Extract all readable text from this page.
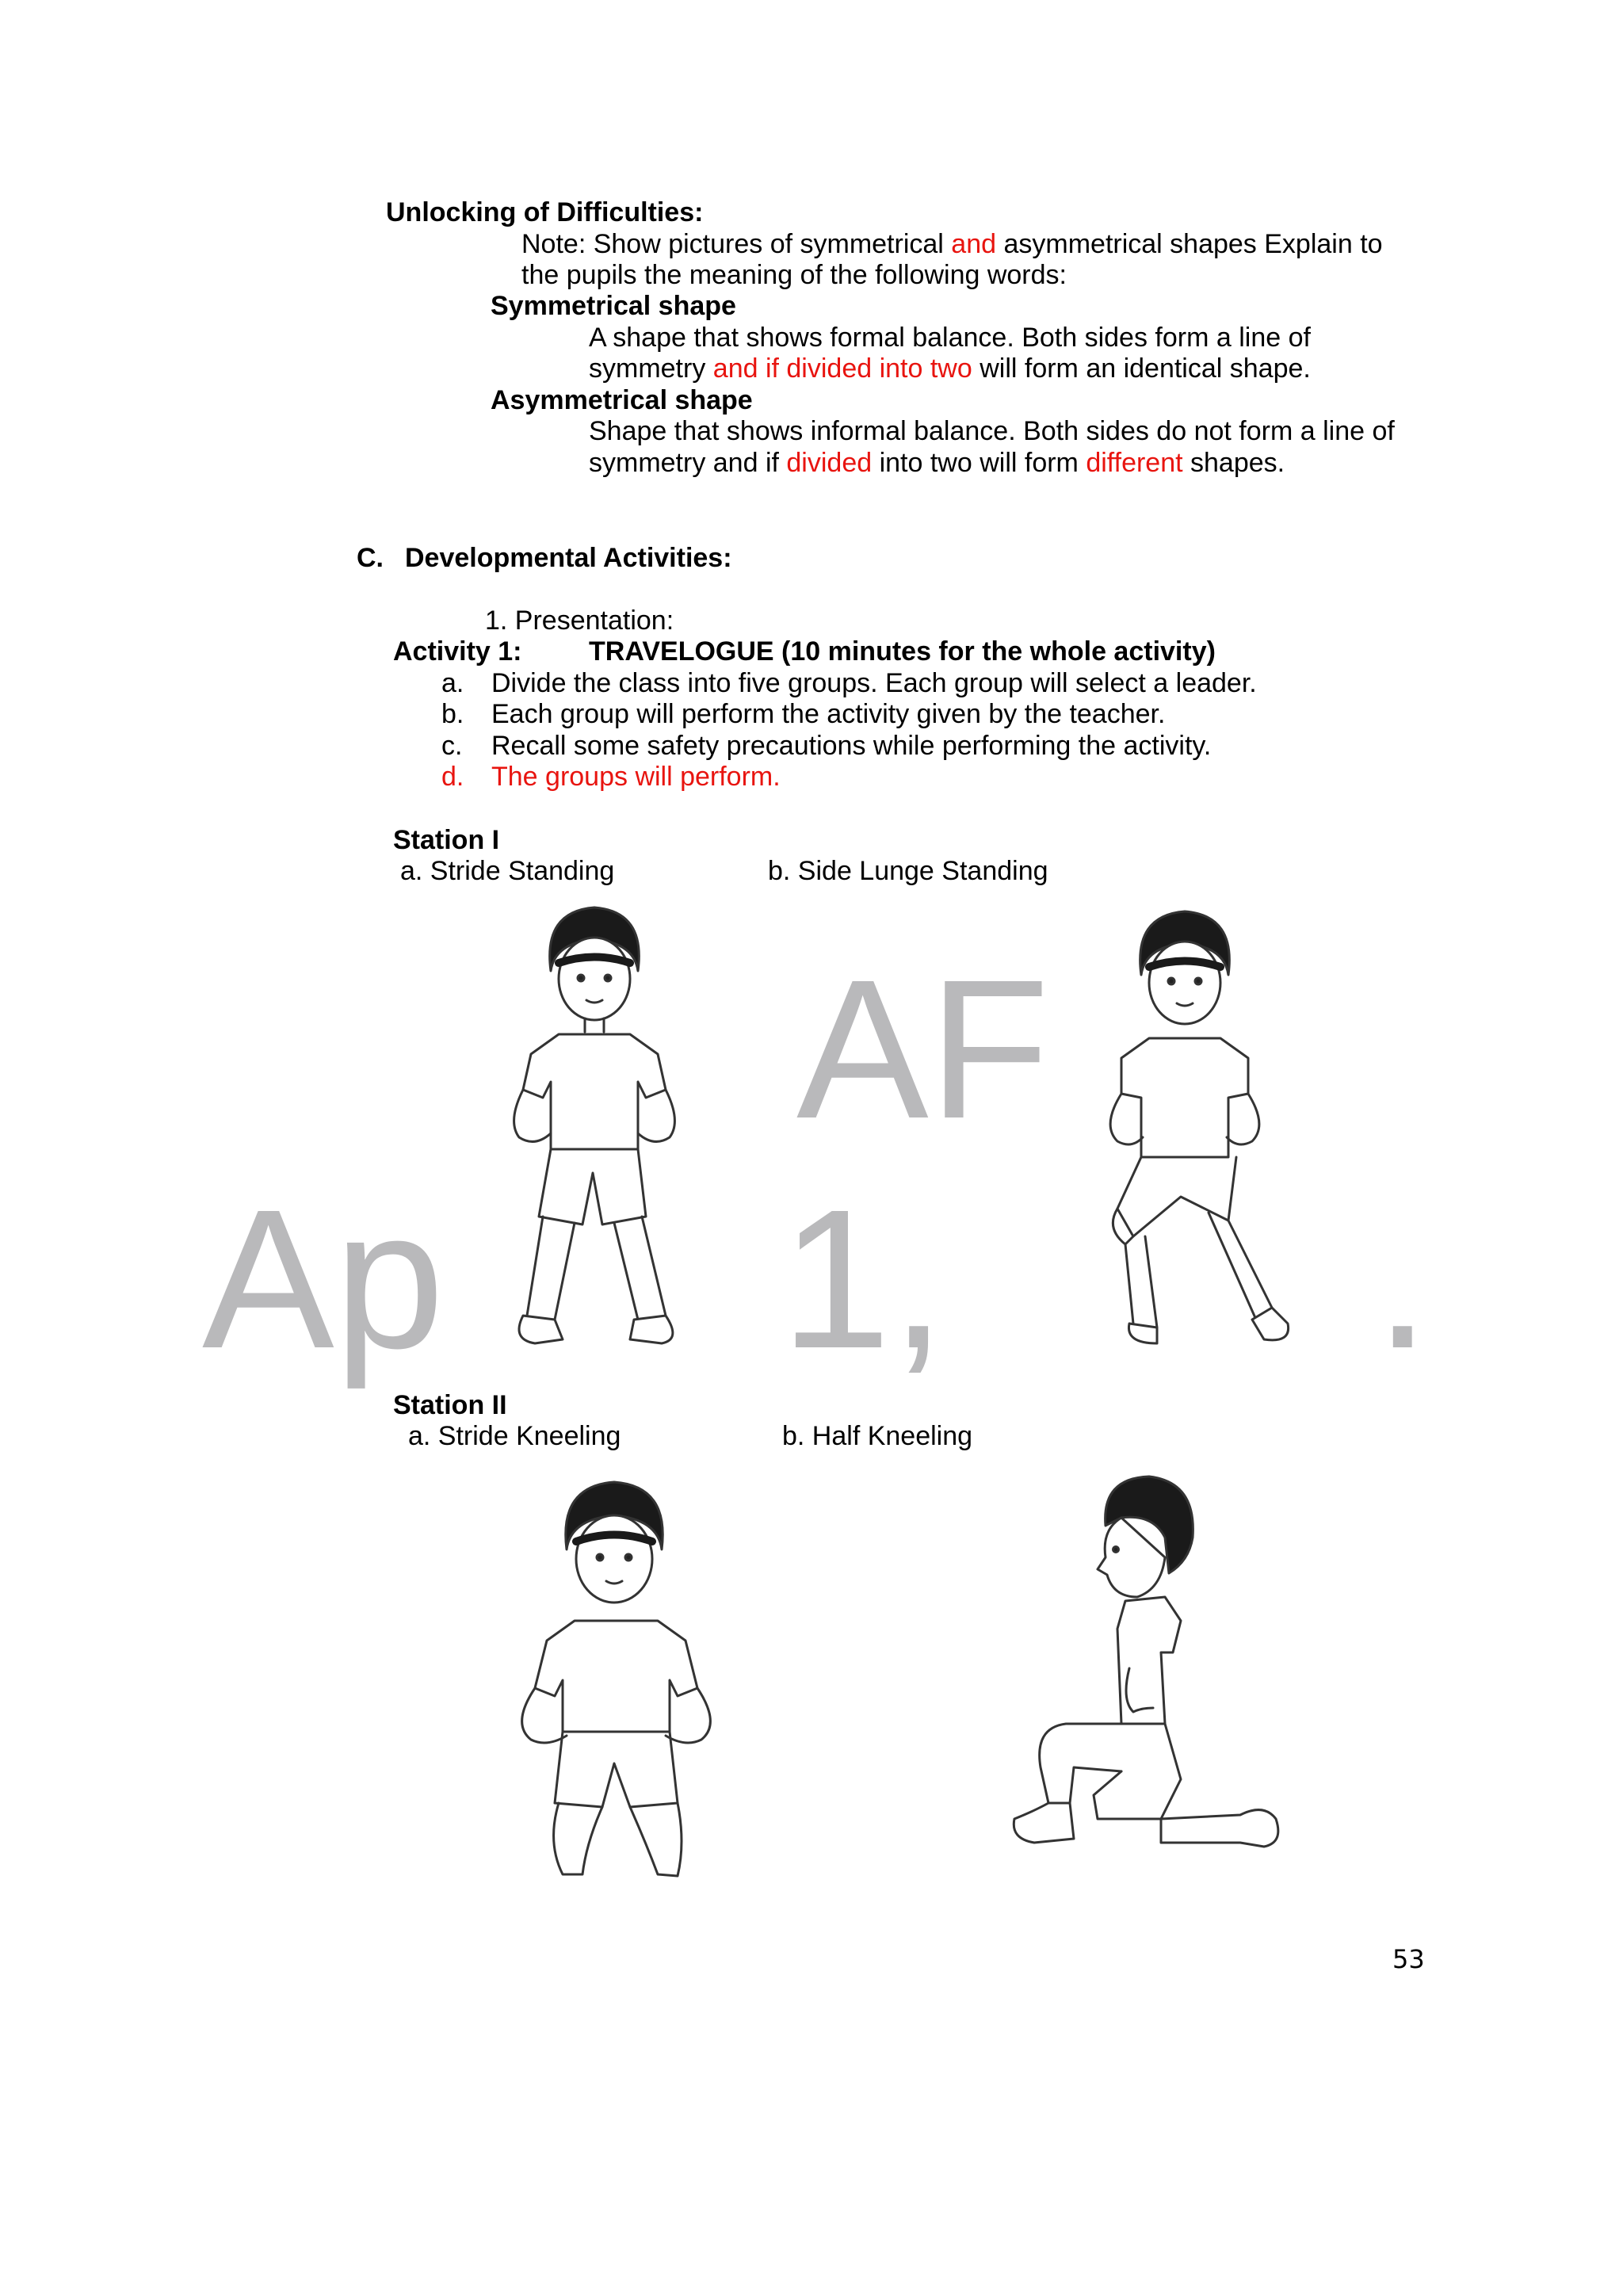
AF
Ap 1, .
Unlocking of Difficulties:
Note: Show pictures of symmetrical and asymmetrical shapes Explain to
the pupils the meaning of the following words:
Symmetrical shape
A shape that shows formal balance. Both sides form a line of
symmetry and if divided into two will form an identical shape.
Asymmetrical shape
Shape that shows informal balance. Both sides do not form a line of
symmetry and if divided into two will form different shapes.
C. Developmental Activities:
1. Presentation:
Activity 1: TRAVELOGUE (10 minutes for the whole activity)
a. Divide the class into five groups. Each group will select a leader.
b. Each group will perform the activity given by the teacher.
c. Recall some safety precautions while performing the activity.
d. The groups will perform.
Station I
a. Stride Standing	b. Side Lunge Standing
Station II
a. Stride Kneeling	b. Half Kneeling
53
